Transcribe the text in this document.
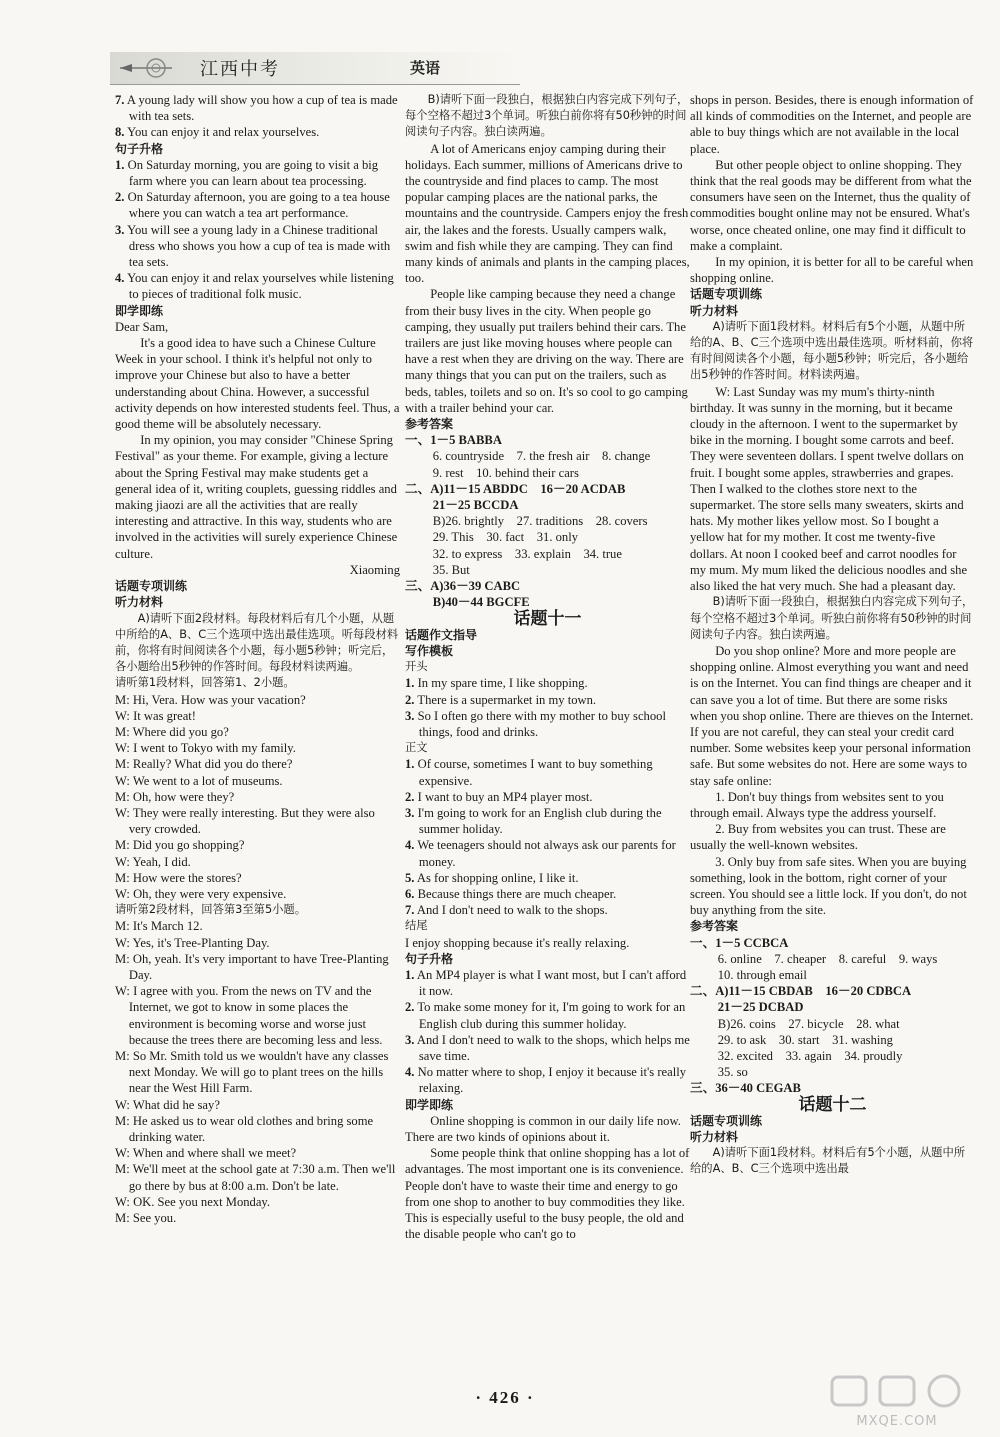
江西中考	英语

7. A young lady will show you how a cup of tea is made with tea sets.

8. You can enjoy it and relax yourselves.

句子升格

1. On Saturday morning, you are going to visit a big farm where you can learn about tea processing.

2. On Saturday afternoon, you are going to a tea house where you can watch a tea art performance.

3. You will see a young lady in a Chinese traditional dress who shows you how a cup of tea is made with tea sets.

4. You can enjoy it and relax yourselves while listening to pieces of traditional folk music.

即学即练

Dear Sam,

It's a good idea to have such a Chinese Culture Week in your school. I think it's helpful not only to improve your Chinese but also to have a better understanding about China. However, a successful activity depends on how interested students feel. Thus, a good theme will be absolutely necessary.

In my opinion, you may consider "Chinese Spring Festival" as your theme. For example, giving a lecture about the Spring Festival may make students get a general idea of it, writing couplets, guessing riddles and making jiaozi are all the activities that are really interesting and attractive. In this way, students who are involved in the activities will surely experience Chinese culture.

Xiaoming

话题专项训练

听力材料

A)请听下面2段材料。每段材料后有几个小题，从题中所给的A、B、C三个选项中选出最佳选项。听每段材料前，你将有时间阅读各个小题，每小题5秒钟；听完后，各小题给出5秒钟的作答时间。每段材料读两遍。

请听第1段材料，回答第1、2小题。

M: Hi, Vera. How was your vacation?

W: It was great!

M: Where did you go?

W: I went to Tokyo with my family.

M: Really? What did you do there?

W: We went to a lot of museums.

M: Oh, how were they?

W: They were really interesting. But they were also very crowded.

M: Did you go shopping?

W: Yeah, I did.

M: How were the stores?

W: Oh, they were very expensive.

请听第2段材料，回答第3至第5小题。

M: It's March 12.

W: Yes, it's Tree-Planting Day.

M: Oh, yeah. It's very important to have Tree-Planting Day.

W: I agree with you. From the news on TV and the Internet, we got to know in some places the environment is becoming worse and worse just because the trees there are becoming less and less.

M: So Mr. Smith told us we wouldn't have any classes next Monday. We will go to plant trees on the hills near the West Hill Farm.

W: What did he say?

M: He asked us to wear old clothes and bring some drinking water.

W: When and where shall we meet?

M: We'll meet at the school gate at 7:30 a.m. Then we'll go there by bus at 8:00 a.m. Don't be late.

W: OK. See you next Monday.

M: See you.

B)请听下面一段独白，根据独白内容完成下列句子，每个空格不超过3个单词。听独白前你将有50秒钟的时间阅读句子内容。独白读两遍。

A lot of Americans enjoy camping during their holidays. Each summer, millions of Americans drive to the countryside and find places to camp. The most popular camping places are the national parks, the mountains and the countryside. Campers enjoy the fresh air, the lakes and the forests. Usually campers walk, swim and fish while they are camping. They can find many kinds of animals and plants in the camping places, too.

People like camping because they need a change from their busy lives in the city. When people go camping, they usually put trailers behind their cars. The trailers are just like moving houses where people can have a rest when they are driving on the way. There are many things that you can put on the trailers, such as beds, tables, toilets and so on. It's so cool to go camping with a trailer behind your car.

参考答案

一、1－5 BABBA

6. countryside　7. the fresh air　8. change

9. rest　10. behind their cars

二、A)11－15 ABDDC　16－20 ACDAB

21－25 BCCDA

B)26. brightly　27. traditions　28. covers

29. This　30. fact　31. only

32. to express　33. explain　34. true

35. But

三、A)36－39 CABC

B)40－44 BGCFE

话题十一

话题作文指导

写作模板

开头

1. In my spare time, I like shopping.

2. There is a supermarket in my town.

3. So I often go there with my mother to buy school things, food and drinks.

正文

1. Of course, sometimes I want to buy something expensive.

2. I want to buy an MP4 player most.

3. I'm going to work for an English club during the summer holiday.

4. We teenagers should not always ask our parents for money.

5. As for shopping online, I like it.

6. Because things there are much cheaper.

7. And I don't need to walk to the shops.

结尾

I enjoy shopping because it's really relaxing.

句子升格

1. An MP4 player is what I want most, but I can't afford it now.

2. To make some money for it, I'm going to work for an English club during this summer holiday.

3. And I don't need to walk to the shops, which helps me save time.

4. No matter where to shop, I enjoy it because it's really relaxing.

即学即练

Online shopping is common in our daily life now. There are two kinds of opinions about it.

Some people think that online shopping has a lot of advantages. The most important one is its convenience. People don't have to waste their time and energy to go from one shop to another to buy commodities they like. This is especially useful to the busy people, the old and the disable people who can't go to

shops in person. Besides, there is enough information of all kinds of commodities on the Internet, and people are able to buy things which are not available in the local place.

But other people object to online shopping. They think that the real goods may be different from what the consumers have seen on the Internet, thus the quality of commodities bought online may not be ensured. What's worse, once cheated online, one may find it difficult to make a complaint.

In my opinion, it is better for all to be careful when shopping online.

话题专项训练

听力材料

A)请听下面1段材料。材料后有5个小题，从题中所给的A、B、C三个选项中选出最佳选项。听材料前，你将有时间阅读各个小题，每小题5秒钟；听完后，各小题给出5秒钟的作答时间。材料读两遍。

W: Last Sunday was my mum's thirty-ninth birthday. It was sunny in the morning, but it became cloudy in the afternoon. I went to the supermarket by bike in the morning. I bought some carrots and beef. They were seventeen dollars. I spent twelve dollars on fruit. I bought some apples, strawberries and grapes. Then I walked to the clothes store next to the supermarket. The store sells many sweaters, skirts and hats. My mother likes yellow most. So I bought a yellow hat for my mother. It cost me twenty-five dollars. At noon I cooked beef and carrot noodles for my mum. My mum liked the delicious noodles and she also liked the hat very much. She had a pleasant day.

B)请听下面一段独白，根据独白内容完成下列句子，每个空格不超过3个单词。听独白前你将有50秒钟的时间阅读句子内容。独白读两遍。

Do you shop online? More and more people are shopping online. Almost everything you want and need is on the Internet. You can find things are cheaper and it can save you a lot of time. But there are some risks when you shop online. There are thieves on the Internet. If you are not careful, they can steal your credit card number. Some websites keep your personal information safe. But some websites do not. Here are some ways to stay safe online:

1. Don't buy things from websites sent to you through email. Always type the address yourself.

2. Buy from websites you can trust. These are usually the well-known websites.

3. Only buy from safe sites. When you are buying something, look in the bottom, right corner of your screen. You should see a little lock. If you don't, do not buy anything from the site.

参考答案

一、1－5 CCBCA

6. online　7. cheaper　8. careful　9. ways

10. through email

二、A)11－15 CBDAB　16－20 CDBCA

21－25 DCBAD

B)26. coins　27. bicycle　28. what

29. to ask　30. start　31. washing

32. excited　33. again　34. proudly

35. so

三、36－40 CEGAB

话题十二

话题专项训练

听力材料

A)请听下面1段材料。材料后有5个小题，从题中所给的A、B、C三个选项中选出最

· 426 ·
MXQE.COM
